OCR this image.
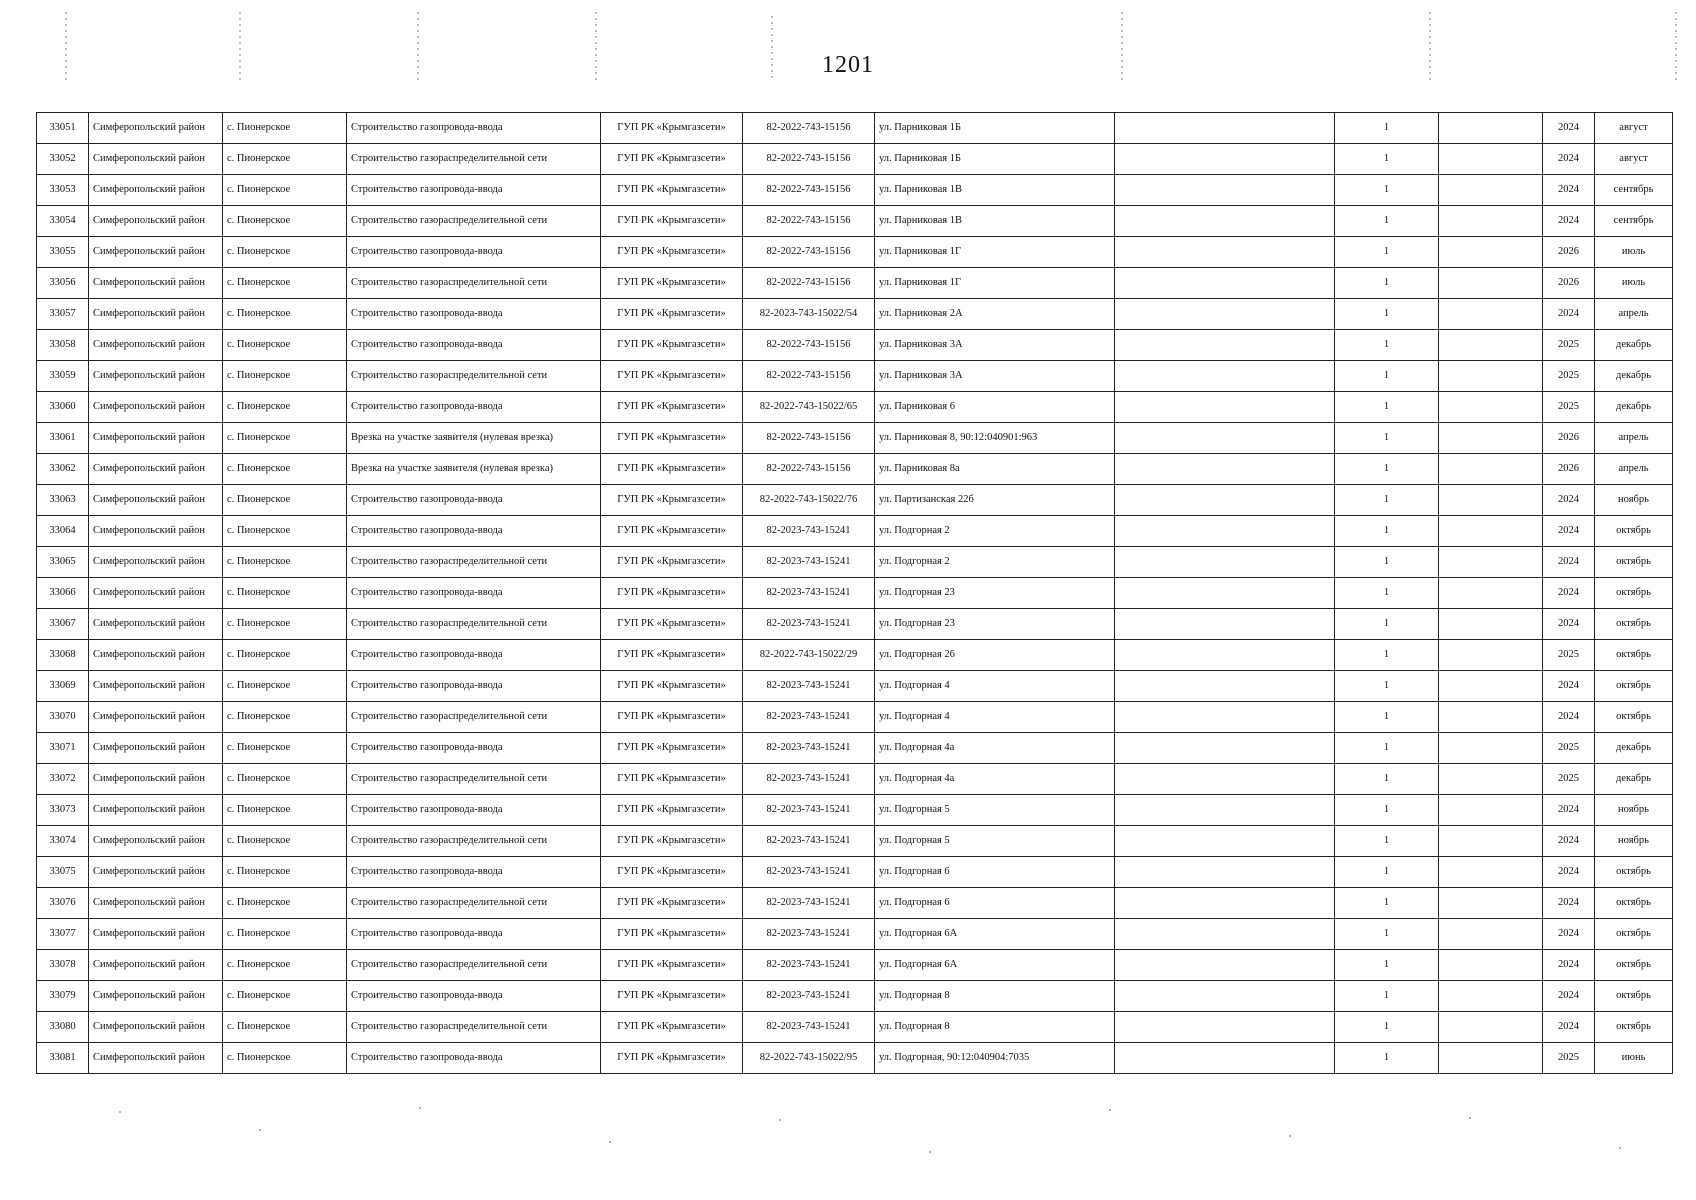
1201
33051	Симферопольский район	с. Пионерское	Строительство газопровода-ввода	ГУП РК «Крымгазсети»	82-2022-743-15156	ул. Парниковая 1Б		1		2024	август
33052	Симферопольский район	с. Пионерское	Строительство газораспределительной сети	ГУП РК «Крымгазсети»	82-2022-743-15156	ул. Парниковая 1Б		1		2024	август
33053	Симферопольский район	с. Пионерское	Строительство газопровода-ввода	ГУП РК «Крымгазсети»	82-2022-743-15156	ул. Парниковая 1В		1		2024	сентябрь
33054	Симферопольский район	с. Пионерское	Строительство газораспределительной сети	ГУП РК «Крымгазсети»	82-2022-743-15156	ул. Парниковая 1В		1		2024	сентябрь
33055	Симферопольский район	с. Пионерское	Строительство газопровода-ввода	ГУП РК «Крымгазсети»	82-2022-743-15156	ул. Парниковая 1Г		1		2026	июль
33056	Симферопольский район	с. Пионерское	Строительство газораспределительной сети	ГУП РК «Крымгазсети»	82-2022-743-15156	ул. Парниковая 1Г		1		2026	июль
33057	Симферопольский район	с. Пионерское	Строительство газопровода-ввода	ГУП РК «Крымгазсети»	82-2023-743-15022/54	ул. Парниковая 2А		1		2024	апрель
33058	Симферопольский район	с. Пионерское	Строительство газопровода-ввода	ГУП РК «Крымгазсети»	82-2022-743-15156	ул. Парниковая 3А		1		2025	декабрь
33059	Симферопольский район	с. Пионерское	Строительство газораспределительной сети	ГУП РК «Крымгазсети»	82-2022-743-15156	ул. Парниковая 3А		1		2025	декабрь
33060	Симферопольский район	с. Пионерское	Строительство газопровода-ввода	ГУП РК «Крымгазсети»	82-2022-743-15022/65	ул. Парниковая 6		1		2025	декабрь
33061	Симферопольский район	с. Пионерское	Врезка на участке заявителя (нулевая врезка)	ГУП РК «Крымгазсети»	82-2022-743-15156	ул. Парниковая 8, 90:12:040901:963		1		2026	апрель
33062	Симферопольский район	с. Пионерское	Врезка на участке заявителя (нулевая врезка)	ГУП РК «Крымгазсети»	82-2022-743-15156	ул. Парниковая 8а		1		2026	апрель
33063	Симферопольский район	с. Пионерское	Строительство газопровода-ввода	ГУП РК «Крымгазсети»	82-2022-743-15022/76	ул. Партизанская 22б		1		2024	ноябрь
33064	Симферопольский район	с. Пионерское	Строительство газопровода-ввода	ГУП РК «Крымгазсети»	82-2023-743-15241	ул. Подгорная 2		1		2024	октябрь
33065	Симферопольский район	с. Пионерское	Строительство газораспределительной сети	ГУП РК «Крымгазсети»	82-2023-743-15241	ул. Подгорная 2		1		2024	октябрь
33066	Симферопольский район	с. Пионерское	Строительство газопровода-ввода	ГУП РК «Крымгазсети»	82-2023-743-15241	ул. Подгорная 23		1		2024	октябрь
33067	Симферопольский район	с. Пионерское	Строительство газораспределительной сети	ГУП РК «Крымгазсети»	82-2023-743-15241	ул. Подгорная 23		1		2024	октябрь
33068	Симферопольский район	с. Пионерское	Строительство газопровода-ввода	ГУП РК «Крымгазсети»	82-2022-743-15022/29	ул. Подгорная 26		1		2025	октябрь
33069	Симферопольский район	с. Пионерское	Строительство газопровода-ввода	ГУП РК «Крымгазсети»	82-2023-743-15241	ул. Подгорная 4		1		2024	октябрь
33070	Симферопольский район	с. Пионерское	Строительство газораспределительной сети	ГУП РК «Крымгазсети»	82-2023-743-15241	ул. Подгорная 4		1		2024	октябрь
33071	Симферопольский район	с. Пионерское	Строительство газопровода-ввода	ГУП РК «Крымгазсети»	82-2023-743-15241	ул. Подгорная 4а		1		2025	декабрь
33072	Симферопольский район	с. Пионерское	Строительство газораспределительной сети	ГУП РК «Крымгазсети»	82-2023-743-15241	ул. Подгорная 4а		1		2025	декабрь
33073	Симферопольский район	с. Пионерское	Строительство газопровода-ввода	ГУП РК «Крымгазсети»	82-2023-743-15241	ул. Подгорная 5		1		2024	ноябрь
33074	Симферопольский район	с. Пионерское	Строительство газораспределительной сети	ГУП РК «Крымгазсети»	82-2023-743-15241	ул. Подгорная 5		1		2024	ноябрь
33075	Симферопольский район	с. Пионерское	Строительство газопровода-ввода	ГУП РК «Крымгазсети»	82-2023-743-15241	ул. Подгорная 6		1		2024	октябрь
33076	Симферопольский район	с. Пионерское	Строительство газораспределительной сети	ГУП РК «Крымгазсети»	82-2023-743-15241	ул. Подгорная 6		1		2024	октябрь
33077	Симферопольский район	с. Пионерское	Строительство газопровода-ввода	ГУП РК «Крымгазсети»	82-2023-743-15241	ул. Подгорная 6А		1		2024	октябрь
33078	Симферопольский район	с. Пионерское	Строительство газораспределительной сети	ГУП РК «Крымгазсети»	82-2023-743-15241	ул. Подгорная 6А		1		2024	октябрь
33079	Симферопольский район	с. Пионерское	Строительство газопровода-ввода	ГУП РК «Крымгазсети»	82-2023-743-15241	ул. Подгорная 8		1		2024	октябрь
33080	Симферопольский район	с. Пионерское	Строительство газораспределительной сети	ГУП РК «Крымгазсети»	82-2023-743-15241	ул. Подгорная 8		1		2024	октябрь
33081	Симферопольский район	с. Пионерское	Строительство газопровода-ввода	ГУП РК «Крымгазсети»	82-2022-743-15022/95	ул. Подгорная, 90:12:040904:7035		1		2025	июнь
